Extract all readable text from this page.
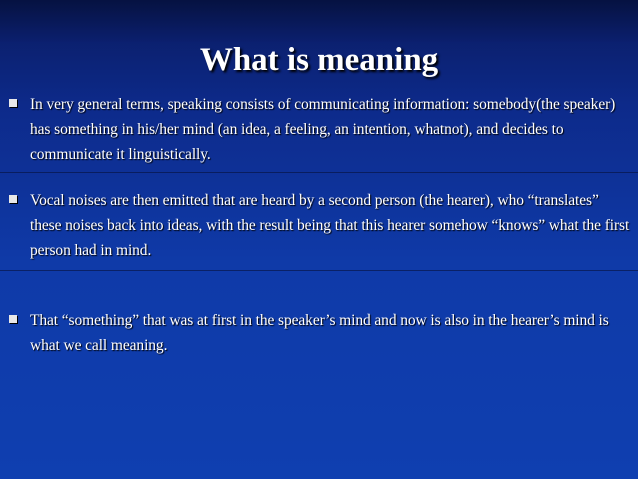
What is meaning
In very general terms, speaking consists of communicating information: somebody(the speaker) has something in his/her mind (an idea, a feeling, an intention, whatnot), and decides to communicate it linguistically.
Vocal noises are then emitted that are heard by a second person (the hearer), who “translates” these noises back into ideas, with the result being that this hearer somehow “knows” what the first person had in mind.
That “something” that was at first in the speaker’s mind and now is also in the hearer’s mind is what we call meaning.
